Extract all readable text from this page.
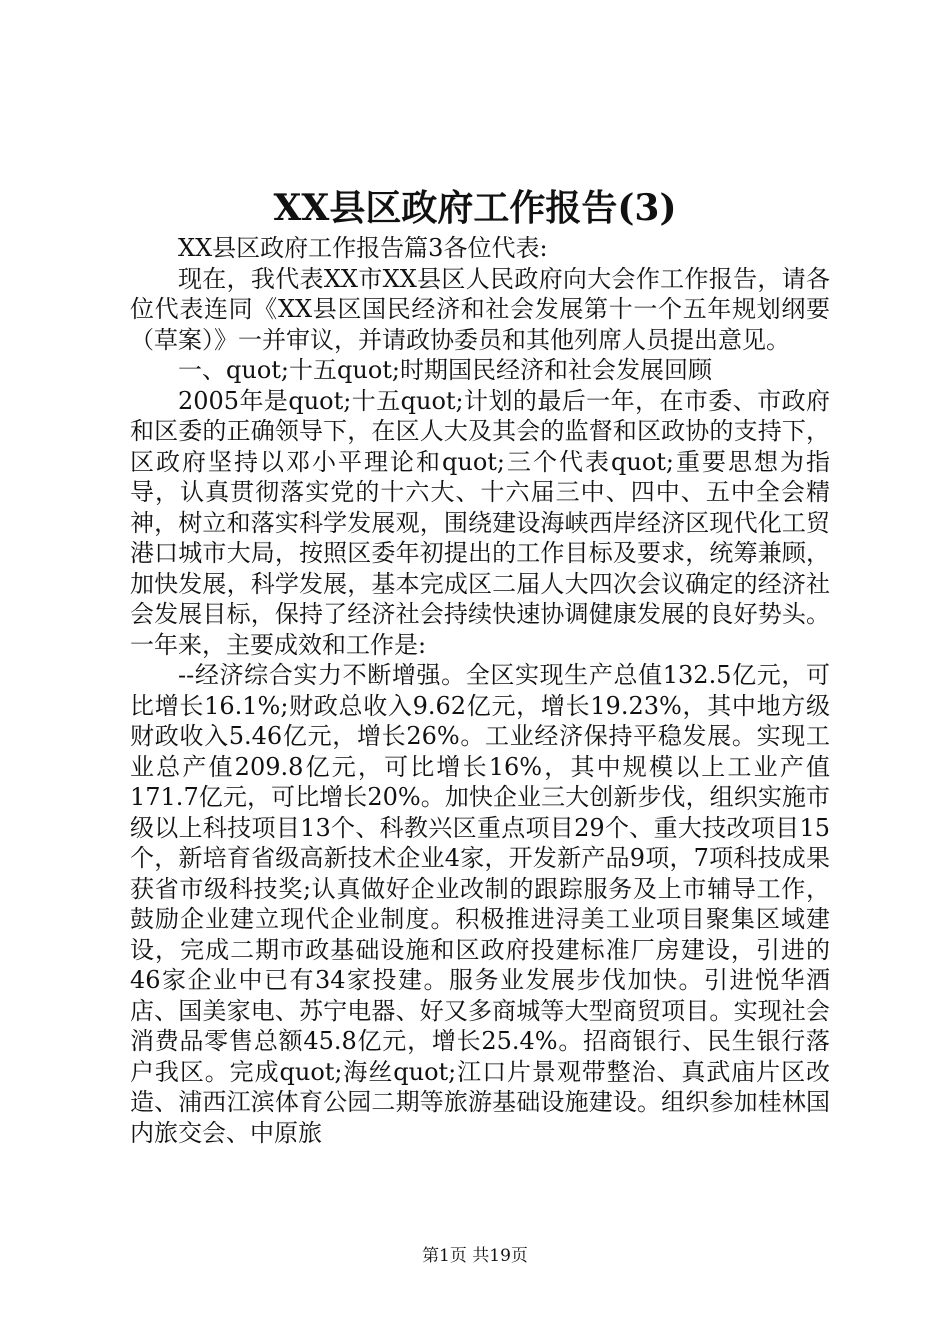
XX县区政府工作报告(3)

XX县区政府工作报告篇3各位代表:

现在，我代表XX市XX县区人民政府向大会作工作报告，请各位代表连同《XX县区国民经济和社会发展第十一个五年规划纲要（草案）》一并审议，并请政协委员和其他列席人员提出意见。

一、quot;十五quot;时期国民经济和社会发展回顾

2005年是quot;十五quot;计划的最后一年，在市委、市政府和区委的正确领导下，在区人大及其会的监督和区政协的支持下，区政府坚持以邓小平理论和quot;三个代表quot;重要思想为指导，认真贯彻落实党的十六大、十六届三中、四中、五中全会精神，树立和落实科学发展观，围绕建设海峡西岸经济区现代化工贸港口城市大局，按照区委年初提出的工作目标及要求，统筹兼顾，加快发展，科学发展，基本完成区二届人大四次会议确定的经济社会发展目标，保持了经济社会持续快速协调健康发展的良好势头。一年来，主要成效和工作是:

--经济综合实力不断增强。全区实现生产总值132.5亿元，可比增长16.1%;财政总收入9.62亿元，增长19.23%，其中地方级财政收入5.46亿元，增长26%。工业经济保持平稳发展。实现工业总产值209.8亿元，可比增长16%，其中规模以上工业产值171.7亿元，可比增长20%。加快企业三大创新步伐，组织实施市级以上科技项目13个、科教兴区重点项目29个、重大技改项目15个，新培育省级高新技术企业4家，开发新产品9项，7项科技成果获省市级科技奖;认真做好企业改制的跟踪服务及上市辅导工作，鼓励企业建立现代企业制度。积极推进浔美工业项目聚集区域建设，完成二期市政基础设施和区政府投建标准厂房建设，引进的46家企业中已有34家投建。服务业发展步伐加快。引进悦华酒店、国美家电、苏宁电器、好又多商城等大型商贸项目。实现社会消费品零售总额45.8亿元，增长25.4%。招商银行、民生银行落户我区。完成quot;海丝quot;江口片景观带整治、真武庙片区改造、浦西江滨体育公园二期等旅游基础设施建设。组织参加桂林国内旅交会、中原旅

第1页 共19页
